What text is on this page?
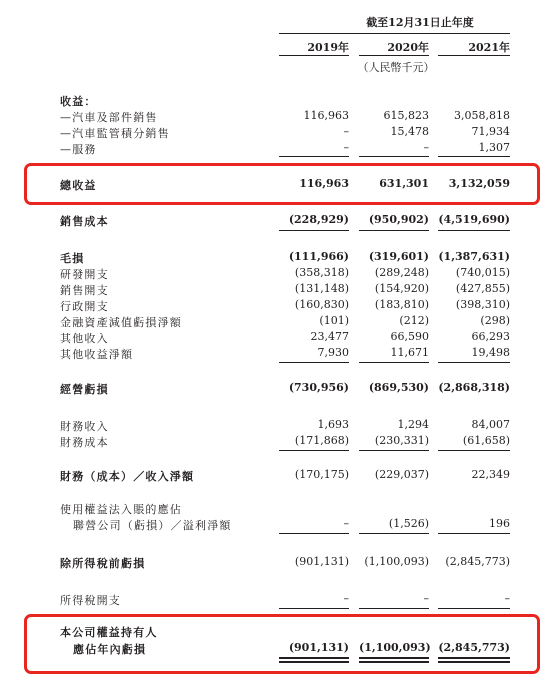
截至12月31日止年度
2019年	2020年	2021年
（人民幣千元）
收益：
—汽車及部件銷售	116,963	615,823	3,058,818
—汽車監管積分銷售	–	15,478	71,934
—服務	–	–	1,307
總收益	116,963	631,301	3,132,059
銷售成本	(228,929)	(950,902) (4,519,690)
毛損	(111,966)	(319,601) (1,387,631)
研發開支	(358,318)	(289,248)	(740,015)
銷售開支	(131,148)	(154,920)	(427,855)
行政開支	(160,830)	(183,810)	(398,310)
金融資產減值虧損淨額	(101)	(212)	(298)
其他收入	23,477	66,590	66,293
其他收益淨額	7,930	11,671	19,498
經營虧損	(730,956)	(869,530) (2,868,318)
財務收入	1,693	1,294	84,007
財務成本	(171,868)	(230,331)	(61,658)
財務（成本）／收入淨額	(170,175)	(229,037)	22,349
使用權益法入賬的應佔
聯營公司（虧損）／溢利淨額	–	(1,526)	196
除所得稅前虧損	(901,131)	(1,100,093)	(2,845,773)
所得稅開支	–	–	–
本公司權益持有人
應佔年內虧損	(901,131) (1,100,093) (2,845,773)
